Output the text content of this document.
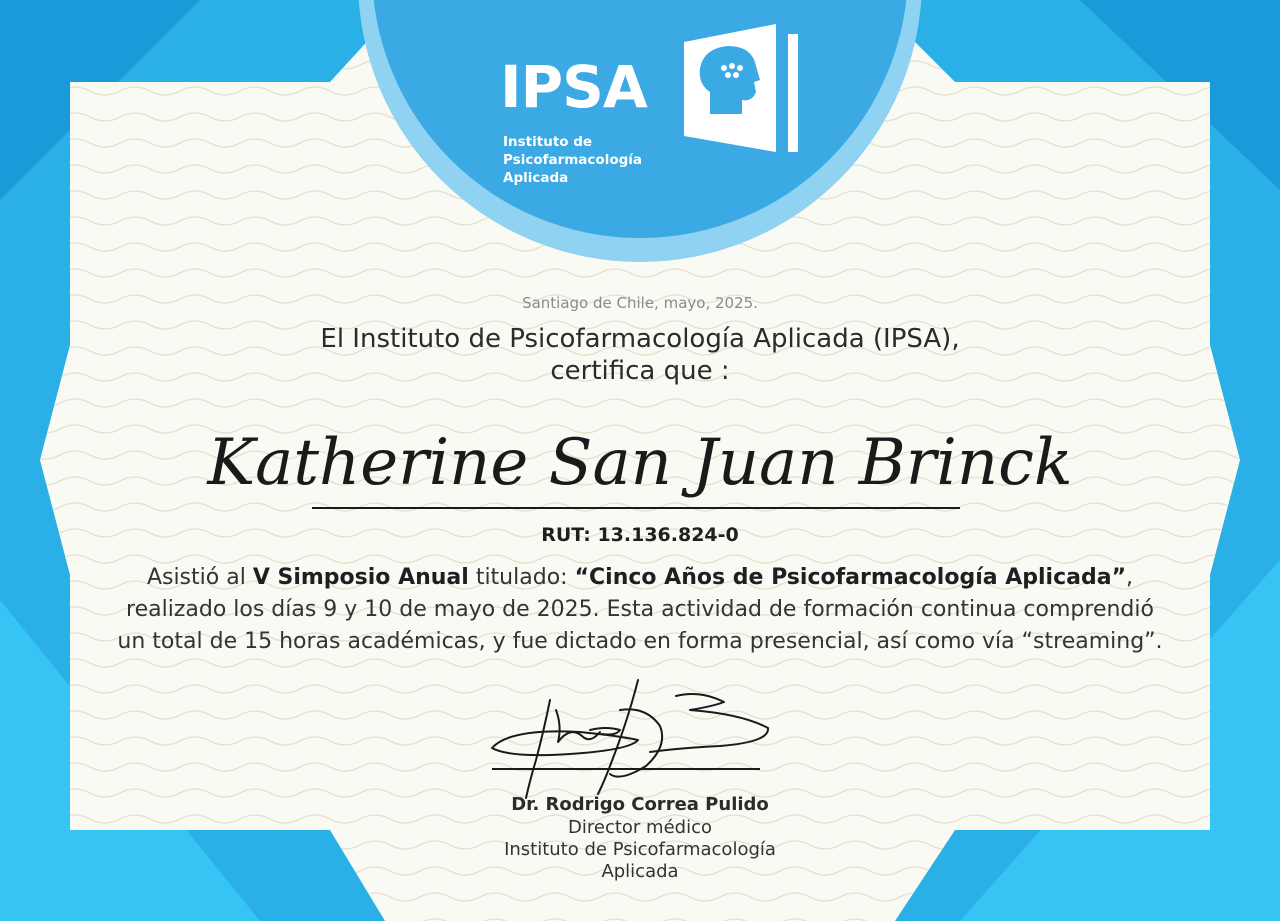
IPSA
Instituto de
Psicofarmacología
Aplicada
Santiago de Chile, mayo, 2025.
El Instituto de Psicofarmacología Aplicada (IPSA),
certifica que :
Katherine San Juan Brinck
RUT: 13.136.824-0
Asistió al V Simposio Anual titulado: “Cinco Años de Psicofarmacología Aplicada”,
realizado los días 9 y 10 de mayo de 2025. Esta actividad de formación continua comprendió
un total de 15 horas académicas, y fue dictado en forma presencial, así como vía “streaming”.
Dr. Rodrigo Correa Pulido
Director médico
Instituto de Psicofarmacología
Aplicada
